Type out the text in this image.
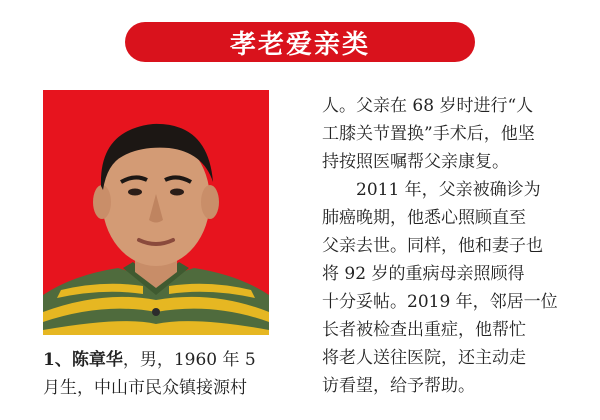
孝老爱亲类
1、陈章华，男，1960 年 5
月生，中山市民众镇接源村
人。父亲在 68 岁时进行“人
工膝关节置换”手术后，他坚
持按照医嘱帮父亲康复。
2011 年，父亲被确诊为
肺癌晚期，他悉心照顾直至
父亲去世。同样，他和妻子也
将 92 岁的重病母亲照顾得
十分妥帖。2019 年，邻居一位
长者被检查出重症，他帮忙
将老人送往医院，还主动走
访看望，给予帮助。
